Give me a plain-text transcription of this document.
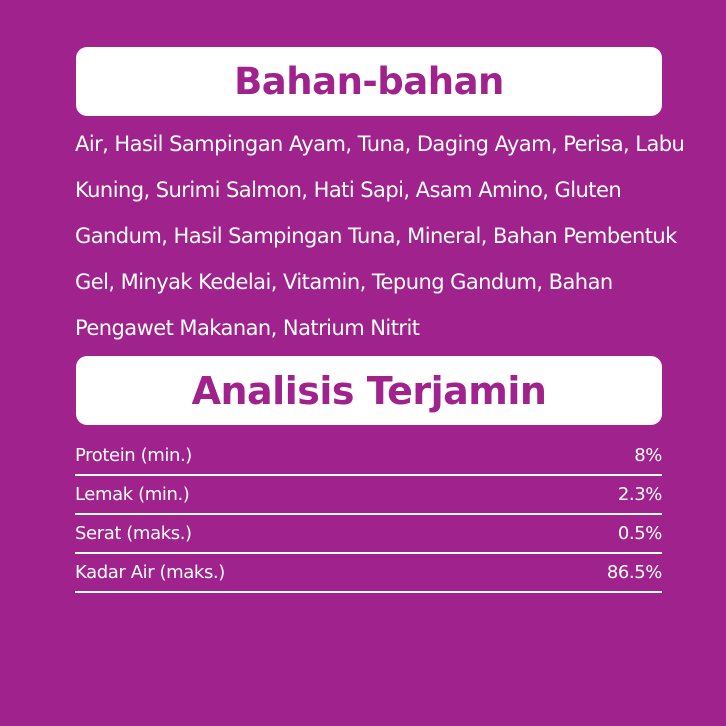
Bahan-bahan

Air, Hasil Sampingan Ayam, Tuna, Daging Ayam, Perisa, Labu Kuning, Surimi Salmon, Hati Sapi, Asam Amino, Gluten Gandum, Hasil Sampingan Tuna, Mineral, Bahan Pembentuk Gel, Minyak Kedelai, Vitamin, Tepung Gandum, Bahan Pengawet Makanan, Natrium Nitrit

Analisis Terjamin
Protein (min.)	8%
Lemak (min.)	2.3%
Serat (maks.)	0.5%
Kadar Air (maks.)	86.5%
